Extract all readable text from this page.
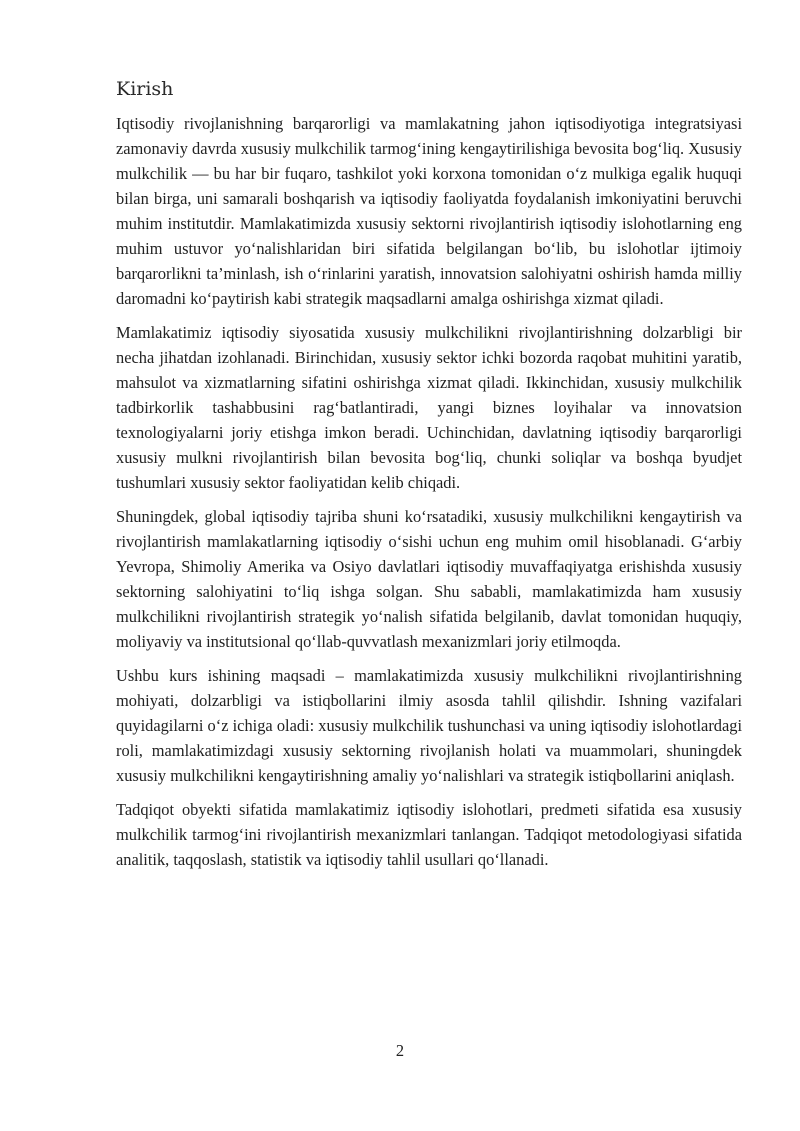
Kirish

Iqtisodiy rivojlanishning barqarorligi va mamlakatning jahon iqtisodiyotiga integratsiyasi zamonaviy davrda xususiy mulkchilik tarmog‘ining kengaytirilishiga bevosita bog‘liq. Xususiy mulkchilik — bu har bir fuqaro, tashkilot yoki korxona tomonidan o‘z mulkiga egalik huquqi bilan birga, uni samarali boshqarish va iqtisodiy faoliyatda foydalanish imkoniyatini beruvchi muhim institutdir. Mamlakatimizda xususiy sektorni rivojlantirish iqtisodiy islohotlarning eng muhim ustuvor yo‘nalishlaridan biri sifatida belgilangan bo‘lib, bu islohotlar ijtimoiy barqarorlikni ta’minlash, ish o‘rinlarini yaratish, innovatsion salohiyatni oshirish hamda milliy daromadni ko‘paytirish kabi strategik maqsadlarni amalga oshirishga xizmat qiladi.

Mamlakatimiz iqtisodiy siyosatida xususiy mulkchilikni rivojlantirishning dolzarbligi bir necha jihatdan izohlanadi. Birinchidan, xususiy sektor ichki bozorda raqobat muhitini yaratib, mahsulot va xizmatlarning sifatini oshirishga xizmat qiladi. Ikkinchidan, xususiy mulkchilik tadbirkorlik tashabbusini rag‘batlantiradi, yangi biznes loyihalar va innovatsion texnologiyalarni joriy etishga imkon beradi. Uchinchidan, davlatning iqtisodiy barqarorligi xususiy mulkni rivojlantirish bilan bevosita bog‘liq, chunki soliqlar va boshqa byudjet tushumlari xususiy sektor faoliyatidan kelib chiqadi.

Shuningdek, global iqtisodiy tajriba shuni ko‘rsatadiki, xususiy mulkchilikni kengaytirish va rivojlantirish mamlakatlarning iqtisodiy o‘sishi uchun eng muhim omil hisoblanadi. G‘arbiy Yevropa, Shimoliy Amerika va Osiyo davlatlari iqtisodiy muvaffaqiyatga erishishda xususiy sektorning salohiyatini to‘liq ishga solgan. Shu sababli, mamlakatimizda ham xususiy mulkchilikni rivojlantirish strategik yo‘nalish sifatida belgilanib, davlat tomonidan huquqiy, moliyaviy va institutsional qo‘llab-quvvatlash mexanizmlari joriy etilmoqda.

Ushbu kurs ishining maqsadi – mamlakatimizda xususiy mulkchilikni rivojlantirishning mohiyati, dolzarbligi va istiqbollarini ilmiy asosda tahlil qilishdir. Ishning vazifalari quyidagilarni o‘z ichiga oladi: xususiy mulkchilik tushunchasi va uning iqtisodiy islohotlardagi roli, mamlakatimizdagi xususiy sektorning rivojlanish holati va muammolari, shuningdek xususiy mulkchilikni kengaytirishning amaliy yo‘nalishlari va strategik istiqbollarini aniqlash.

Tadqiqot obyekti sifatida mamlakatimiz iqtisodiy islohotlari, predmeti sifatida esa xususiy mulkchilik tarmog‘ini rivojlantirish mexanizmlari tanlangan. Tadqiqot metodologiyasi sifatida analitik, taqqoslash, statistik va iqtisodiy tahlil usullari qo‘llanadi.

2
